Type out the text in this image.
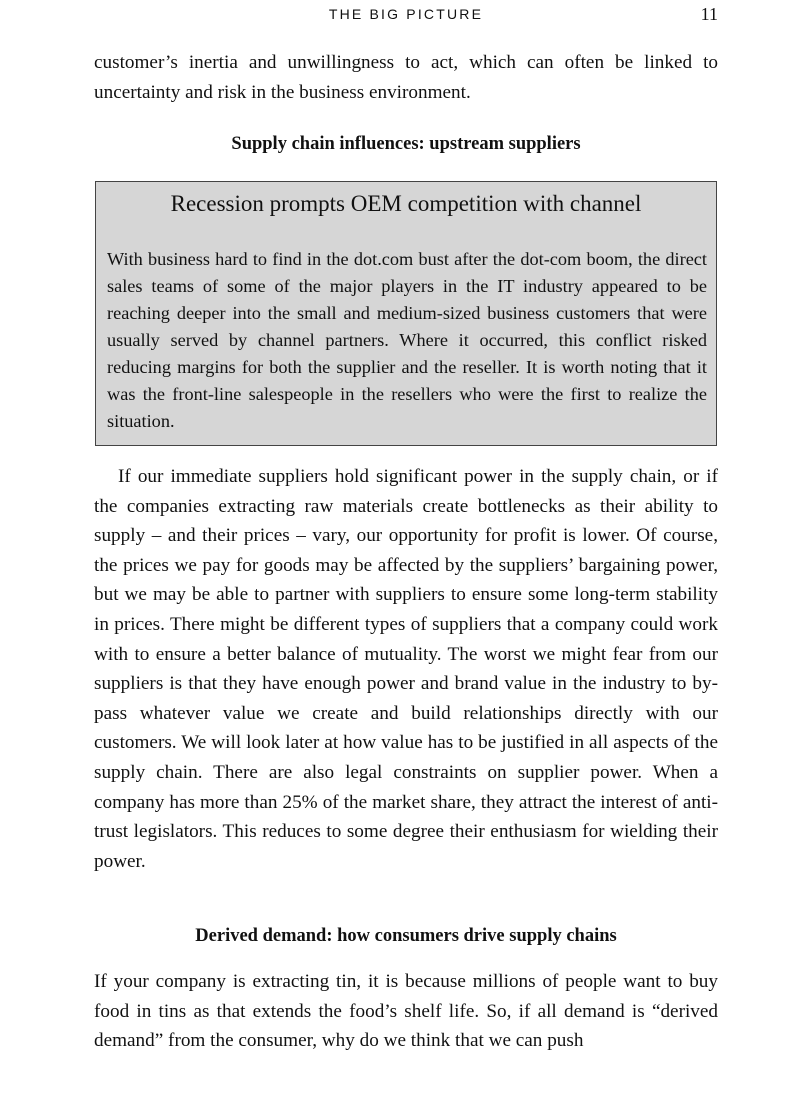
THE BIG PICTURE	11

customer’s inertia and unwillingness to act, which can often be linked to uncertainty and risk in the business environment.

Supply chain influences: upstream suppliers

Recession prompts OEM competition with channel

With business hard to find in the dot.com bust after the dot-com boom, the direct sales teams of some of the major players in the IT industry appeared to be reaching deeper into the small and medium-sized business customers that were usually served by channel partners. Where it occurred, this conflict risked reducing margins for both the supplier and the reseller. It is worth noting that it was the front-line salespeople in the resellers who were the first to realize the situation.

If our immediate suppliers hold significant power in the supply chain, or if the companies extracting raw materials create bottlenecks as their ability to supply – and their prices – vary, our opportunity for profit is lower. Of course, the prices we pay for goods may be affected by the suppliers’ bargaining power, but we may be able to partner with suppliers to ensure some long-term stability in prices. There might be different types of suppliers that a company could work with to ensure a better balance of mutuality. The worst we might fear from our suppliers is that they have enough power and brand value in the industry to by-pass whatever value we create and build relationships directly with our customers. We will look later at how value has to be justified in all aspects of the supply chain. There are also legal constraints on supplier power. When a company has more than 25% of the market share, they attract the interest of anti-trust legislators. This reduces to some degree their enthusiasm for wielding their power.

Derived demand: how consumers drive supply chains

If your company is extracting tin, it is because millions of people want to buy food in tins as that extends the food’s shelf life. So, if all demand is “derived demand” from the consumer, why do we think that we can push
